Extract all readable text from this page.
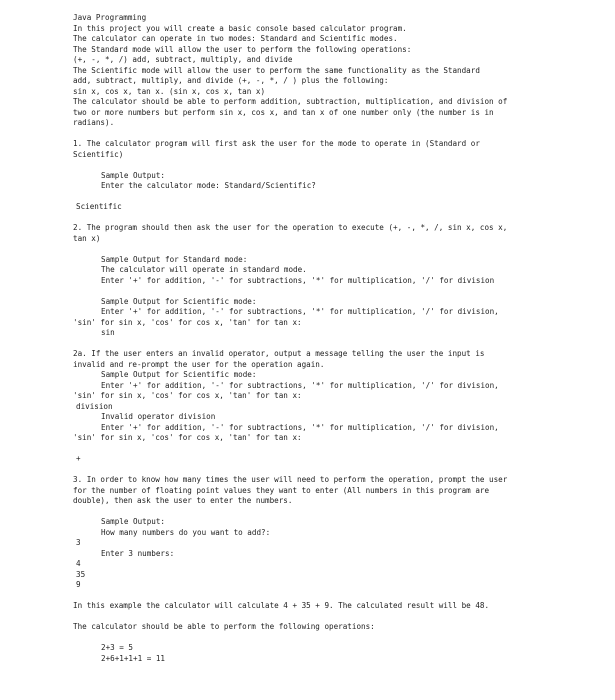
Java Programming
In this project you will create a basic console based calculator program.
The calculator can operate in two modes: Standard and Scientific modes.
The Standard mode will allow the user to perform the following operations:
(+, -, *, /) add, subtract, multiply, and divide
The Scientific mode will allow the user to perform the same functionality as the Standard
add, subtract, multiply, and divide (+, -, *, / ) plus the following:
sin x, cos x, tan x. (sin x, cos x, tan x)
The calculator should be able to perform addition, subtraction, multiplication, and division of
two or more numbers but perform sin x, cos x, and tan x of one number only (the number is in
radians).
1. The calculator program will first ask the user for the mode to operate in (Standard or
Scientific)
Sample Output:
Enter the calculator mode: Standard/Scientific?
Scientific
2. The program should then ask the user for the operation to execute (+, -, *, /, sin x, cos x,
tan x)
Sample Output for Standard mode:
The calculator will operate in standard mode.
Enter '+' for addition, '-' for subtractions, '*' for multiplication, '/' for division
Sample Output for Scientific mode:
Enter '+' for addition, '-' for subtractions, '*' for multiplication, '/' for division,
'sin' for sin x, 'cos' for cos x, 'tan' for tan x:
sin
2a. If the user enters an invalid operator, output a message telling the user the input is
invalid and re-prompt the user for the operation again.
Sample Output for Scientific mode:
Enter '+' for addition, '-' for subtractions, '*' for multiplication, '/' for division,
'sin' for sin x, 'cos' for cos x, 'tan' for tan x:
division
Invalid operator division
Enter '+' for addition, '-' for subtractions, '*' for multiplication, '/' for division,
'sin' for sin x, 'cos' for cos x, 'tan' for tan x:
+
3. In order to know how many times the user will need to perform the operation, prompt the user
for the number of floating point values they want to enter (All numbers in this program are
double), then ask the user to enter the numbers.
Sample Output:
How many numbers do you want to add?:
3
Enter 3 numbers:
4
35
9
In this example the calculator will calculate 4 + 35 + 9. The calculated result will be 48.
The calculator should be able to perform the following operations:
2+3 = 5
2+6+1+1+1 = 11
